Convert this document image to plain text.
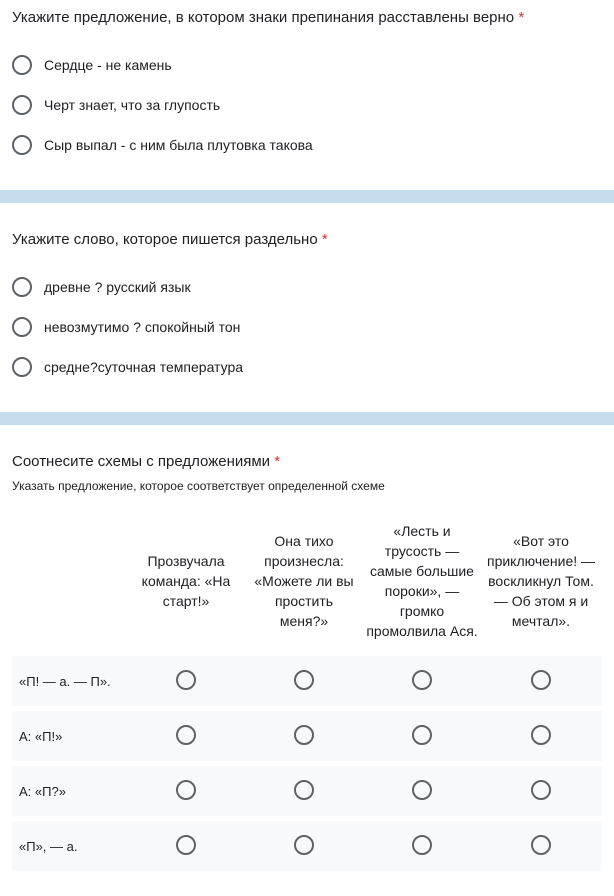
Укажите предложение, в котором знаки препинания расставлены верно *
Сердце - не камень
Черт знает, что за глупость
Сыр выпал - с ним была плутовка такова
Укажите слово, которое пишется раздельно *
древне ? русский язык
невозмутимо ? спокойный тон
средне?суточная температура
Соотнесите схемы с предложениями *
Указать предложение, которое соответствует определенной схеме
Прозвучала команда: «На старт!»
Она тихо произнесла: «Можете ли вы простить меня?»
«Лесть и трусость — самые большие пороки», — громко промолвила Ася.
«Вот это приключение! — воскликнул Том. — Об этом я и мечтал».
«П! — а. — П».
А: «П!»
А: «П?»
«П», — а.
